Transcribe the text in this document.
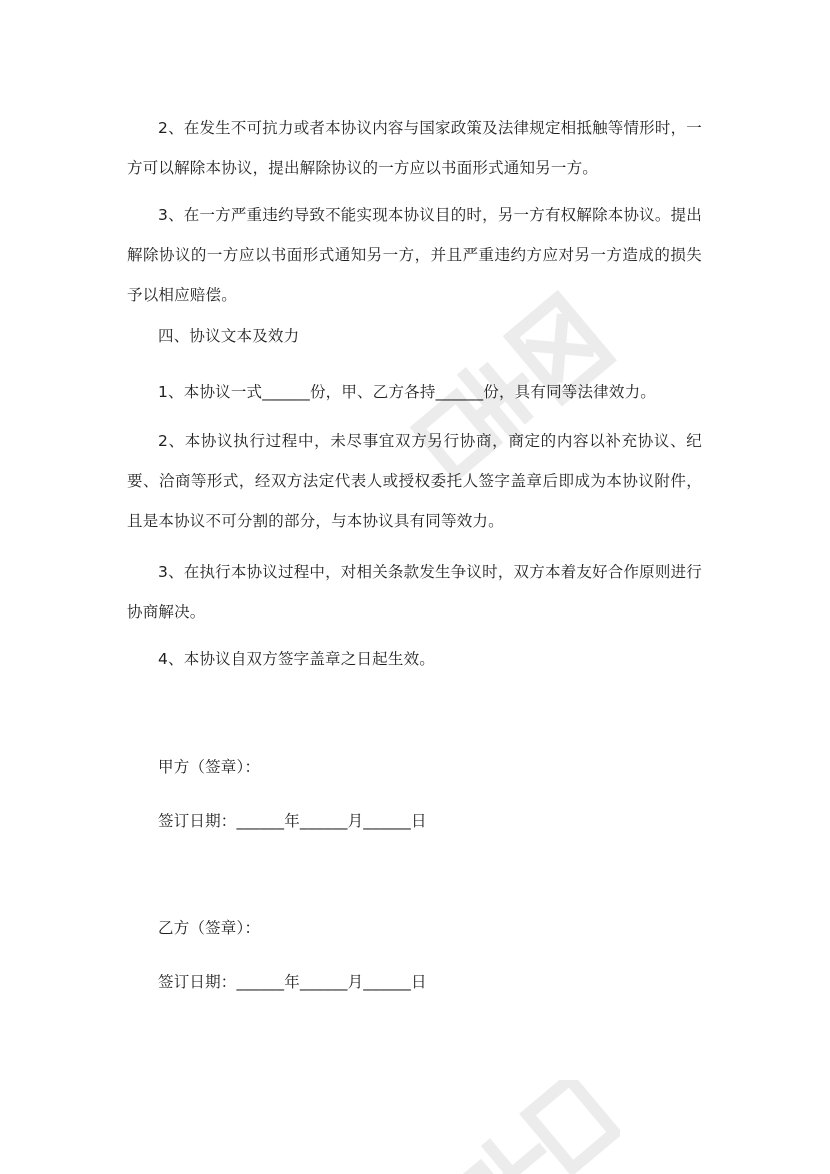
2、在发生不可抗力或者本协议内容与国家政策及法律规定相抵触等情形时，一方可以解除本协议，提出解除协议的一方应以书面形式通知另一方。

3、在一方严重违约导致不能实现本协议目的时，另一方有权解除本协议。提出解除协议的一方应以书面形式通知另一方，并且严重违约方应对另一方造成的损失予以相应赔偿。

四、协议文本及效力

1、本协议一式______份，甲、乙方各持______份，具有同等法律效力。

2、本协议执行过程中，未尽事宜双方另行协商，商定的内容以补充协议、纪要、洽商等形式，经双方法定代表人或授权委托人签字盖章后即成为本协议附件，且是本协议不可分割的部分，与本协议具有同等效力。

3、在执行本协议过程中，对相关条款发生争议时，双方本着友好合作原则进行协商解决。

4、本协议自双方签字盖章之日起生效。

甲方（签章）：

签订日期：______年______月______日

乙方（签章）：

签订日期：______年______月______日
